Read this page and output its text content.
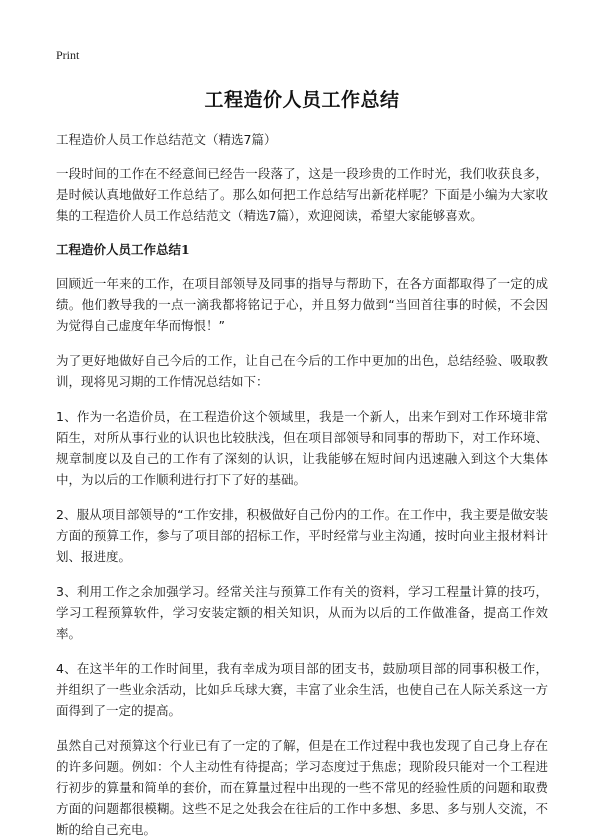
Print
工程造价人员工作总结
工程造价人员工作总结范文（精选7篇）

一段时间的工作在不经意间已经告一段落了，这是一段珍贵的工作时光，我们收获良多，是时候认真地做好工作总结了。那么如何把工作总结写出新花样呢？下面是小编为大家收集的工程造价人员工作总结范文（精选7篇），欢迎阅读，希望大家能够喜欢。

工程造价人员工作总结1

回顾近一年来的工作，在项目部领导及同事的指导与帮助下，在各方面都取得了一定的成绩。他们教导我的一点一滴我都将铭记于心，并且努力做到“当回首往事的时候，不会因为觉得自己虚度年华而悔恨！”

为了更好地做好自己今后的工作，让自己在今后的工作中更加的出色，总结经验、吸取教训，现将见习期的工作情况总结如下：

1、作为一名造价员，在工程造价这个领域里，我是一个新人，出来乍到对工作环境非常陌生，对所从事行业的认识也比较肤浅，但在项目部领导和同事的帮助下，对工作环境、规章制度以及自己的工作有了深刻的认识，让我能够在短时间内迅速融入到这个大集体中，为以后的工作顺利进行打下了好的基础。

2、服从项目部领导的“工作安排，积极做好自己份内的工作。在工作中，我主要是做安装方面的预算工作，参与了项目部的招标工作，平时经常与业主沟通，按时向业主报材料计划、报进度。

3、利用工作之余加强学习。经常关注与预算工作有关的资料，学习工程量计算的技巧，学习工程预算软件，学习安装定额的相关知识，从而为以后的工作做准备，提高工作效率。

4、在这半年的工作时间里，我有幸成为项目部的团支书，鼓励项目部的同事积极工作，并组织了一些业余活动，比如乒乓球大赛，丰富了业余生活，也使自己在人际关系这一方面得到了一定的提高。

虽然自己对预算这个行业已有了一定的了解，但是在工作过程中我也发现了自己身上存在的许多问题。例如：个人主动性有待提高；学习态度过于焦虑；现阶段只能对一个工程进行初步的算量和简单的套价，而在算量过程中出现的一些不常见的经验性质的问题和取费方面的问题都很模糊。这些不足之处我会在往后的工作中多想、多思、多与别人交流，不断的给自己充电。
